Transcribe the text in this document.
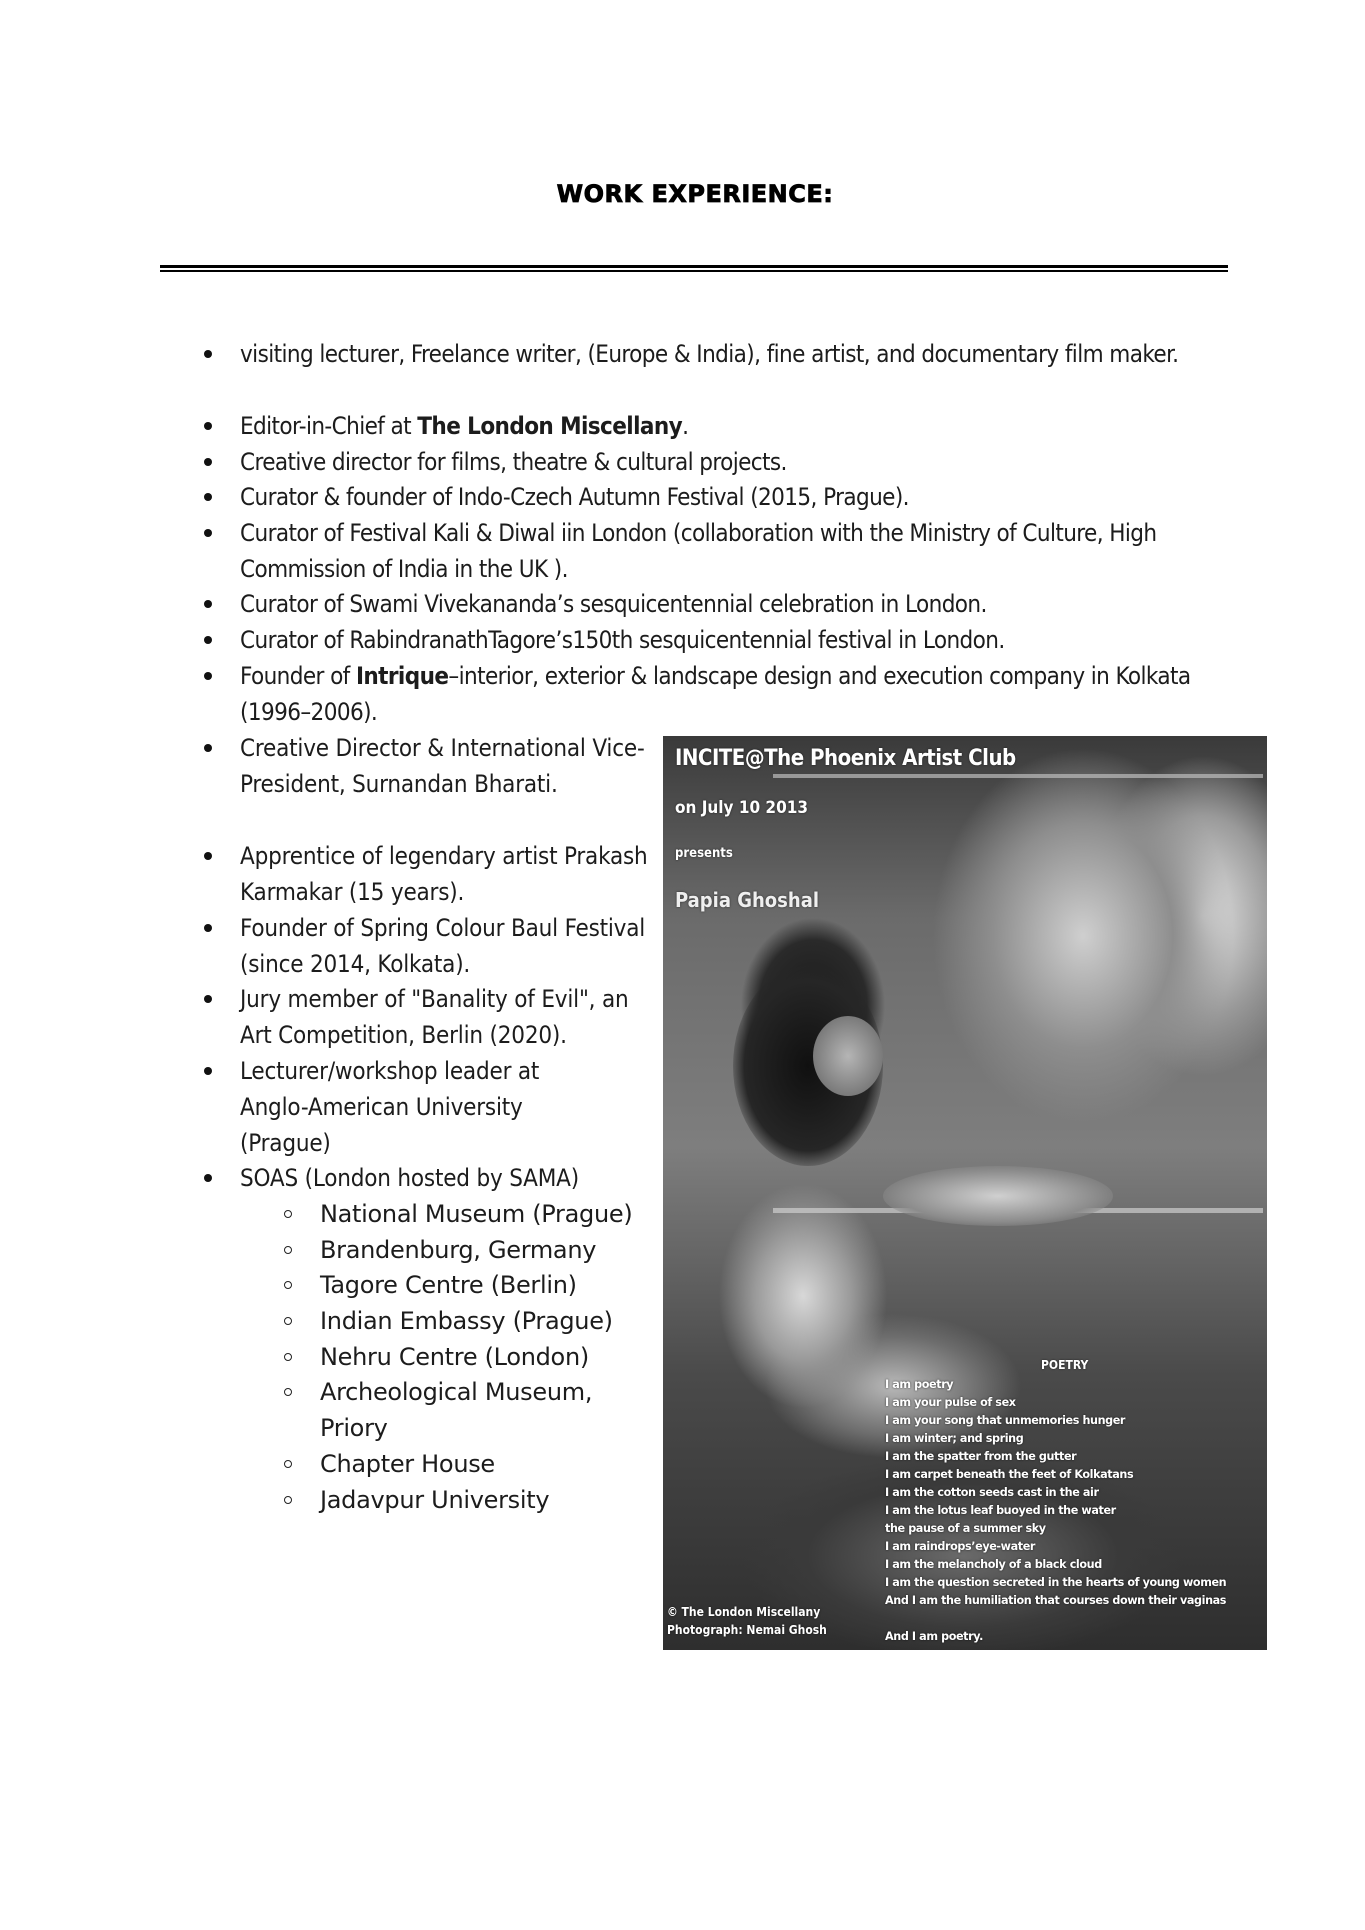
WORK EXPERIENCE:
visiting lecturer, Freelance writer, (Europe & India), fine artist, and documentary film maker.
Editor-in-Chief at The London Miscellany.
Creative director for films, theatre & cultural projects.
Curator & founder of Indo-Czech Autumn Festival (2015, Prague).
Curator of Festival Kali & Diwal iin London (collaboration with the Ministry of Culture, High Commission of India in the UK ).
Curator of Swami Vivekananda’s sesquicentennial celebration in London.
Curator of RabindranathTagore’s150th sesquicentennial festival in London.
Founder of Intrique–interior, exterior & landscape design and execution company in Kolkata (1996–2006).
Creative Director & International Vice-President, Surnandan Bharati.
Apprentice of legendary artist Prakash Karmakar (15 years).
Founder of Spring Colour Baul Festival (since 2014, Kolkata).
Jury member of "Banality of Evil", an Art Competition, Berlin (2020).
Lecturer/workshop leader at Anglo-American University (Prague)
SOAS (London hosted by SAMA)
National Museum (Prague)
Brandenburg, Germany
Tagore Centre (Berlin)
Indian Embassy (Prague)
Nehru Centre (London)
Archeological Museum, Priory
Chapter House
Jadavpur University
INCITE@The Phoenix Artist Club
on July 10 2013
presents
Papia Ghoshal
POETRY
I am poetry
I am your pulse of sex
I am your song that unmemories hunger
I am winter; and spring
I am the spatter from the gutter
I am carpet beneath the feet of Kolkatans
I am the cotton seeds cast in the air
I am the lotus leaf buoyed in the water
the pause of a summer sky
I am raindrops’eye-water
I am the melancholy of a black cloud
I am the question secreted in the hearts of young women
And I am the humiliation that courses down their vaginas
And I am poetry.
© The London Miscellany
Photograph: Nemai Ghosh
